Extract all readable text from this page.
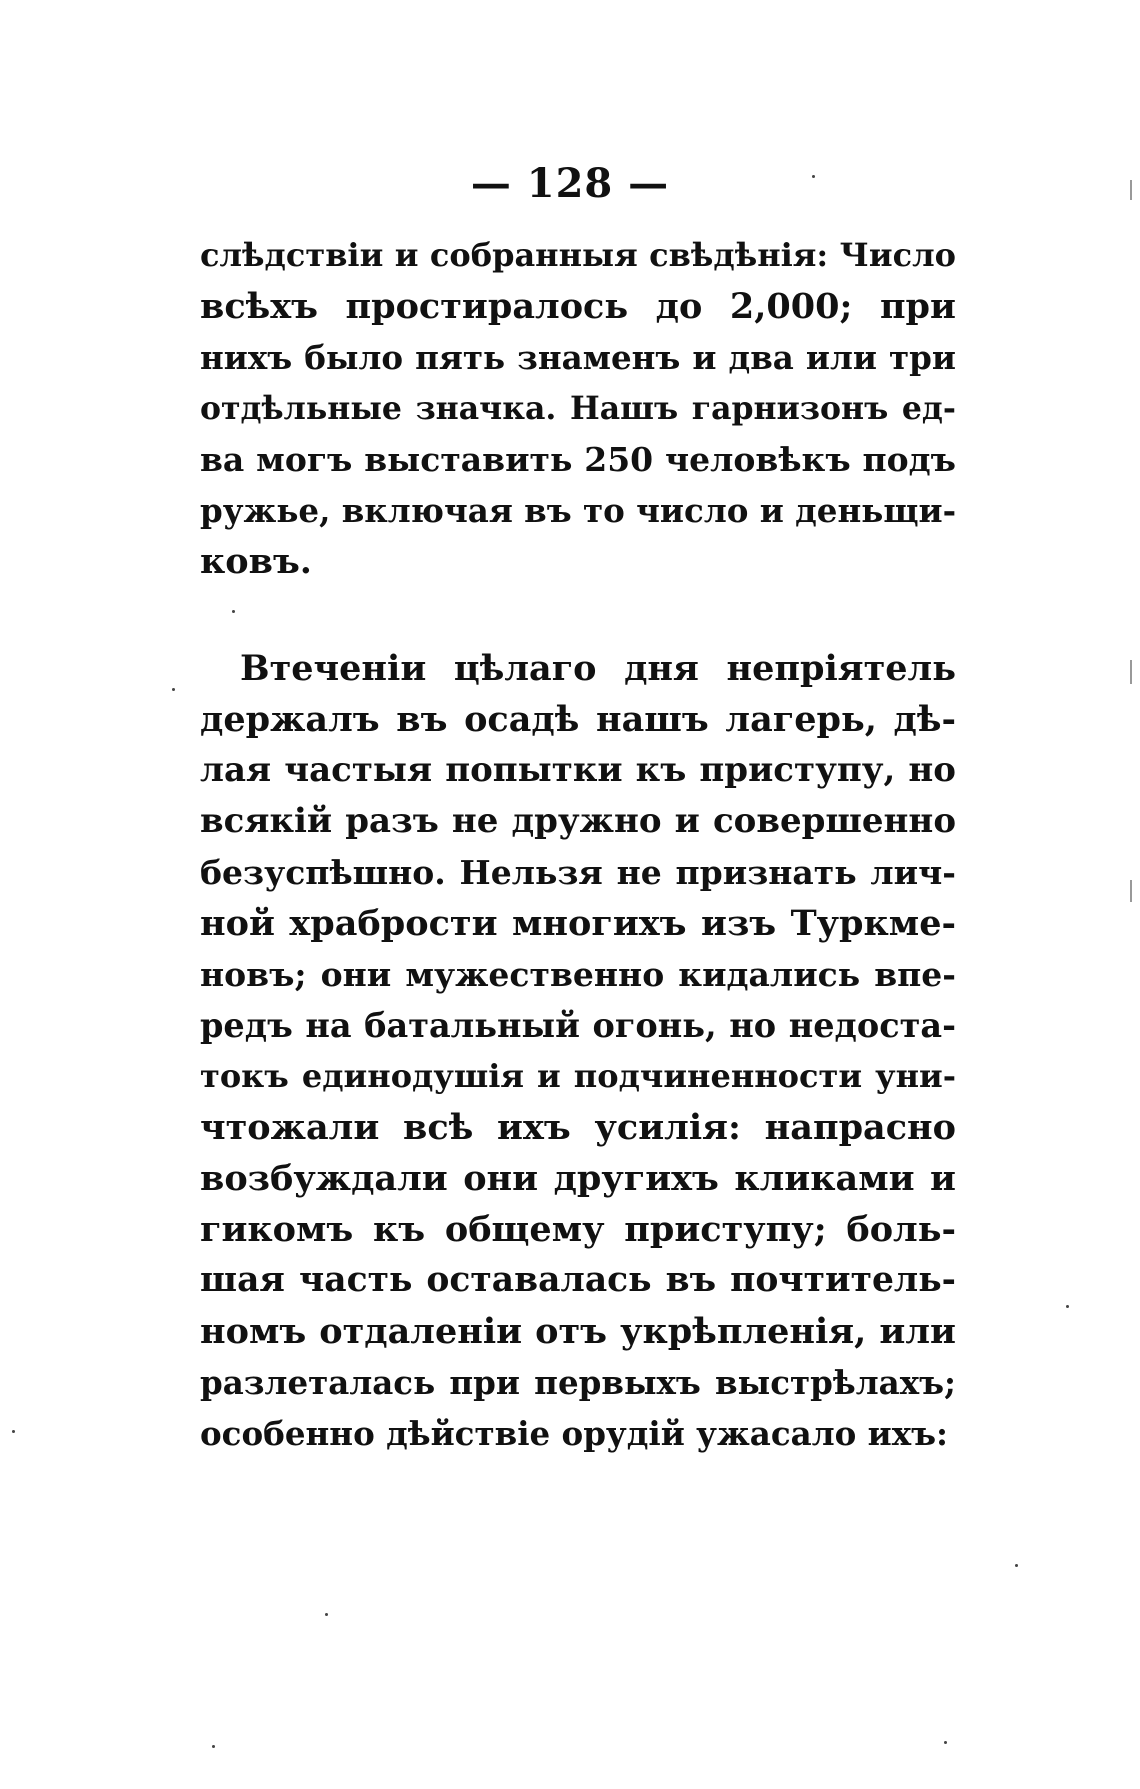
— 128 —
слѣдствіи и собранныя свѣдѣнія: Число
всѣхъ простиралось до 2,000; при
нихъ было пять знаменъ и два или три
отдѣльные значка. Нашъ гарнизонъ ед-
ва могъ выставить 250 человѣкъ подъ
ружье, включая въ то число и деньщи-
ковъ.
Втеченіи цѣлаго дня непріятель
держалъ въ осадѣ нашъ лагерь, дѣ-
лая частыя попытки къ приступу, но
всякій разъ не дружно и совершенно
безуспѣшно. Нельзя не признать лич-
ной храбрости многихъ изъ Туркме-
новъ; они мужественно кидались впе-
редъ на батальный огонь, но недоста-
токъ единодушія и подчиненности уни-
чтожали всѣ ихъ усилія: напрасно
возбуждали они другихъ кликами и
гикомъ къ общему приступу; боль-
шая часть оставалась въ почтитель-
номъ отдаленіи отъ укрѣпленія, или
разлеталась при первыхъ выстрѣлахъ;
особенно дѣйствіе орудій ужасало ихъ:
